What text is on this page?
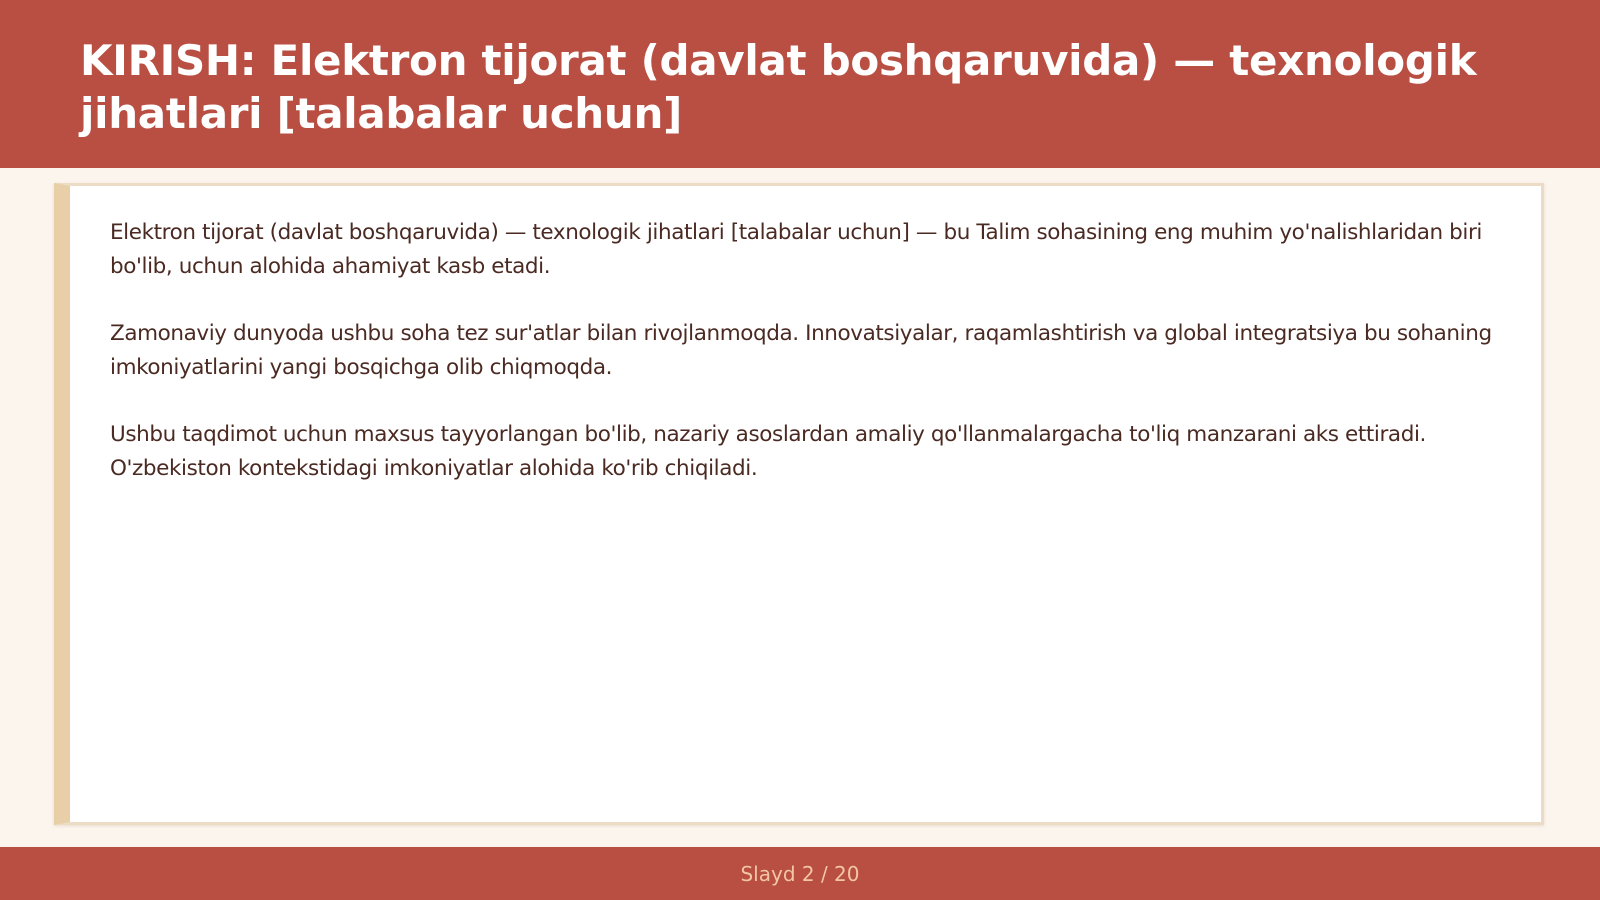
KIRISH: Elektron tijorat (davlat boshqaruvida) — texnologik jihatlari [talabalar uchun]

Elektron tijorat (davlat boshqaruvida) — texnologik jihatlari [talabalar uchun] — bu Talim sohasining eng muhim yo'nalishlaridan biri bo'lib, uchun alohida ahamiyat kasb etadi.

Zamonaviy dunyoda ushbu soha tez sur'atlar bilan rivojlanmoqda. Innovatsiyalar, raqamlashtirish va global integratsiya bu sohaning imkoniyatlarini yangi bosqichga olib chiqmoqda.

Ushbu taqdimot uchun maxsus tayyorlangan bo'lib, nazariy asoslardan amaliy qo'llanmalargacha to'liq manzarani aks ettiradi. O'zbekiston kontekstidagi imkoniyatlar alohida ko'rib chiqiladi.

Slayd 2 / 20
